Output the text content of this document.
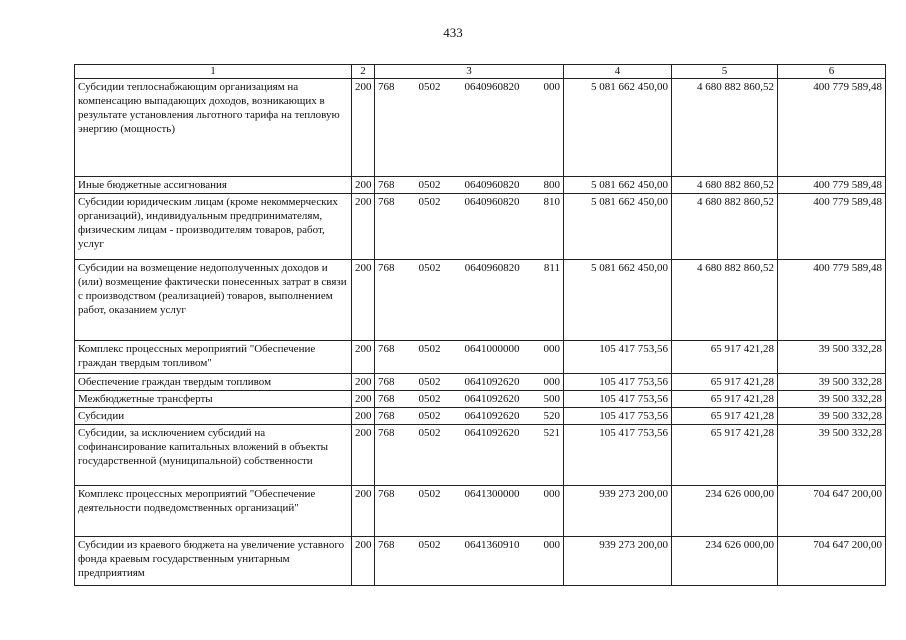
433
1	2	3	4	5	6
Субсидии теплоснабжающим организациям на компенсацию выпадающих доходов, возникающих в результате установления льготного тарифа на тепловую энергию (мощность)	200	768 0502 0640960820 000	5 081 662 450,00	4 680 882 860,52	400 779 589,48
Иные бюджетные ассигнования	200	768 0502 0640960820 800	5 081 662 450,00	4 680 882 860,52	400 779 589,48
Субсидии юридическим лицам (кроме некоммерческих организаций), индивидуальным предпринимателям, физическим лицам - производителям товаров, работ, услуг	200	768 0502 0640960820 810	5 081 662 450,00	4 680 882 860,52	400 779 589,48
Субсидии на возмещение недополученных доходов и (или) возмещение фактически понесенных затрат в связи с производством (реализацией) товаров, выполнением работ, оказанием услуг	200	768 0502 0640960820 811	5 081 662 450,00	4 680 882 860,52	400 779 589,48
Комплекс процессных мероприятий "Обеспечение граждан твердым топливом"	200	768 0502 0641000000 000	105 417 753,56	65 917 421,28	39 500 332,28
Обеспечение граждан твердым топливом	200	768 0502 0641092620 000	105 417 753,56	65 917 421,28	39 500 332,28
Межбюджетные трансферты	200	768 0502 0641092620 500	105 417 753,56	65 917 421,28	39 500 332,28
Субсидии	200	768 0502 0641092620 520	105 417 753,56	65 917 421,28	39 500 332,28
Субсидии, за исключением субсидий на софинансирование капитальных вложений в объекты государственной (муниципальной) собственности	200	768 0502 0641092620 521	105 417 753,56	65 917 421,28	39 500 332,28
Комплекс процессных мероприятий "Обеспечение деятельности подведомственных организаций"	200	768 0502 0641300000 000	939 273 200,00	234 626 000,00	704 647 200,00
Субсидии из краевого бюджета на увеличение уставного фонда краевым государственным унитарным предприятиям	200	768 0502 0641360910 000	939 273 200,00	234 626 000,00	704 647 200,00
